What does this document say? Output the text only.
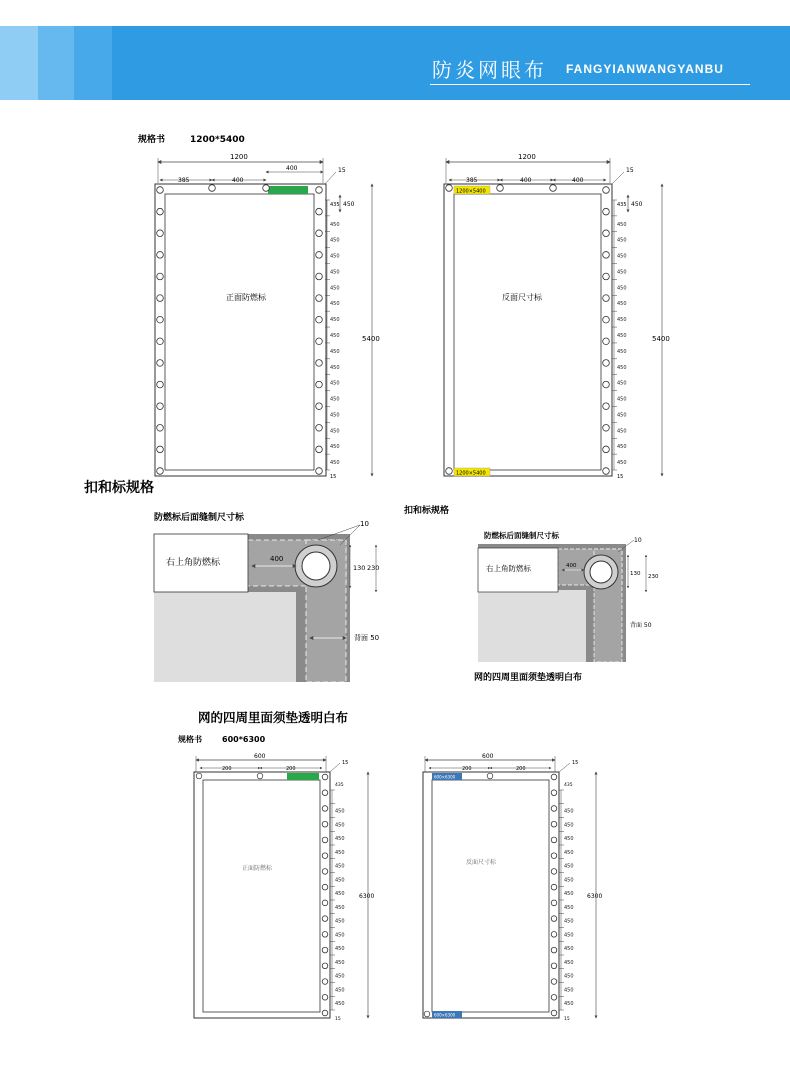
防炎网眼布 FANGYIANWANGYANBU
规格书	1200*5400
1200
400
385	400
450
450
450
450
450
450
450
450
450
450
450
450
450
450
450
450
450
5400
15
435
正面防燃标
15
1200
385	400	400
1200×5400
1200×5400
450
450
450
450
450
450
450
450
450
450
450
450
450
450
450
450
450
5400
15
435
反面尺寸标
15
扣和标规格
防燃标后面缝制尺寸标
右上角防燃标	400
10
130 230
背面 50
扣和标规格
防燃标后面缝制尺寸标
右上角防燃标	400
10
130 230
背面 50
网的四周里面须垫透明白布
网的四周里面须垫透明白布
规格书	600*6300
600
200	200
450
450
450
450
450
450
450
450
450
450
450
450
450
450
450
6300
15
435
正面防燃标
15
600
200	200
600×6300
600×6300
450
450
450
450
450
450
450
450
450
450
450
450
450
450
450
6300
15
435
反面尺寸标
15
